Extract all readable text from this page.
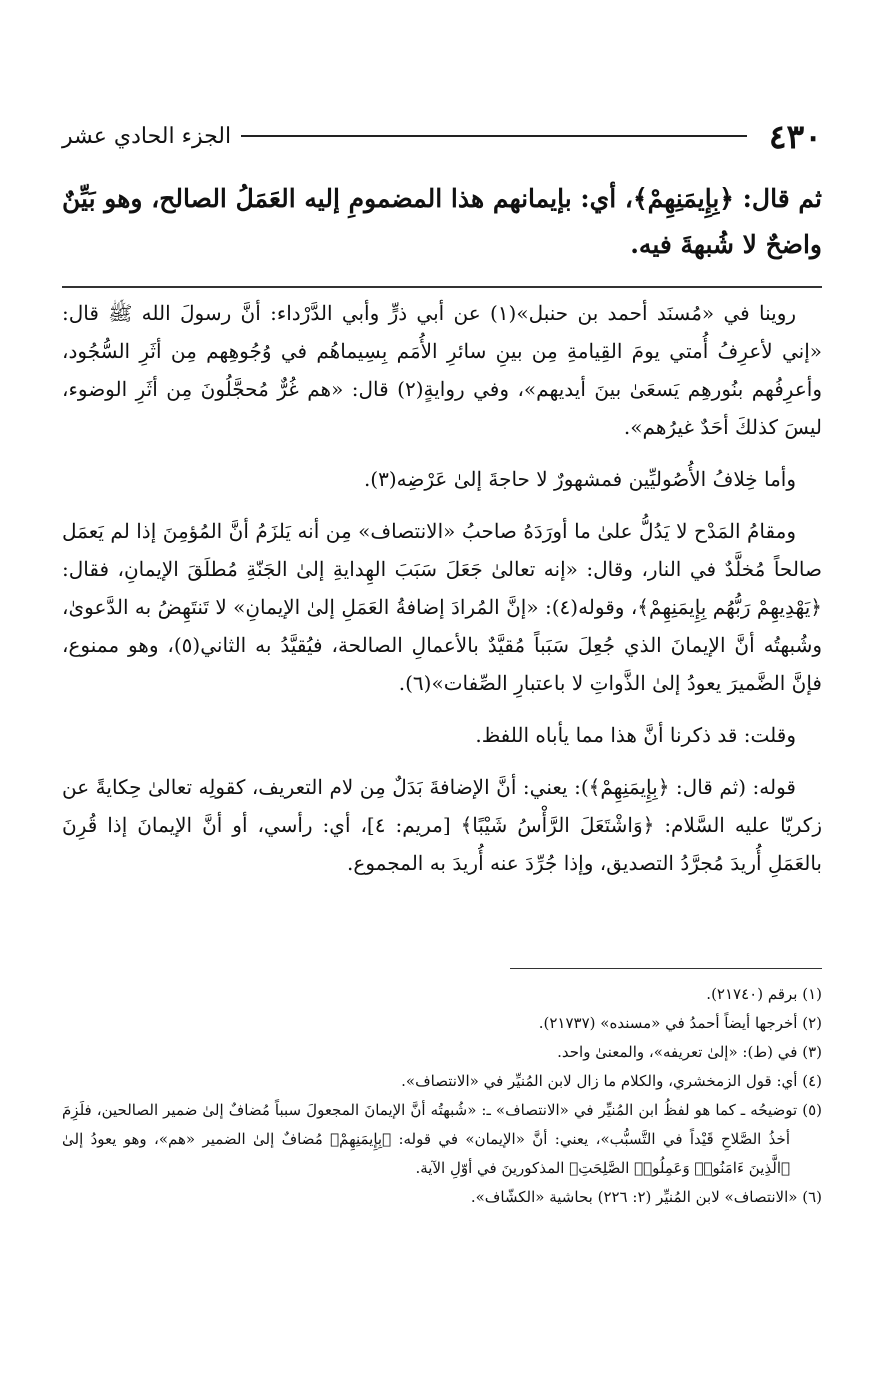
٤٣٠
الجزء الحادي عشر

ثم قال: ﴿بِإِيمَنِهِمْ﴾، أي: بإيمانهم هذا المضمومِ إليه العَمَلُ الصالح، وهو بَيِّنٌ واضحٌ لا شُبهةَ فيه.

روينا في «مُسنَد أحمد بن حنبل»(١) عن أبي ذرٍّ وأبي الدَّرْداء: أنَّ رسولَ الله ﷺ قال: «إني لأعرِفُ أُمتي يومَ القِيامةِ مِن بينِ سائرِ الأُمَم بِسِيماهُم في وُجُوهِهم مِن أثَرِ السُّجُود، وأعرِفُهم بنُورهِم يَسعَىٰ بينَ أيديهم»، وفي روايةٍ(٢) قال: «هم غُرٌّ مُحجَّلُونَ مِن أثَرِ الوضوء، ليسَ كذلكَ أحَدٌ غيرُهم».

وأما خِلافُ الأُصُوليِّين فمشهورٌ لا حاجةَ إلىٰ عَرْضِه(٣).

ومقامُ المَدْح لا يَدُلُّ علىٰ ما أورَدَهُ صاحبُ «الانتصاف» مِن أنه يَلزَمُ أنَّ المُؤمِنَ إذا لم يَعمَل صالحاً مُخلَّدٌ في النار، وقال: «إنه تعالىٰ جَعَلَ سَبَبَ الهِدايةِ إلىٰ الجَنّةِ مُطلَقَ الإيمانِ، فقال: ﴿يَهْدِيهِمْ رَبُّهُم بِإِيمَنِهِمْ﴾، وقوله(٤): «إنَّ المُرادَ إضافةُ العَمَلِ إلىٰ الإيمانِ» لا تَنتَهِضُ به الدَّعوىٰ، وشُبهتُه أنَّ الإيمانَ الذي جُعِلَ سَبَباً مُقيَّدٌ بالأعمالِ الصالحة، فيُقيَّدُ به الثاني(٥)، وهو ممنوع، فإنَّ الضَّميرَ يعودُ إلىٰ الذَّواتِ لا باعتبارِ الصِّفات»(٦).

وقلت: قد ذكرنا أنَّ هذا مما يأباه اللفظ.

قوله: (ثم قال: ﴿بِإِيمَنِهِمْ﴾): يعني: أنَّ الإضافةَ بَدَلٌ مِن لام التعريف، كقولِه تعالىٰ حِكايةً عن زكريّا عليه السَّلام: ﴿وَاشْتَعَلَ الرَّأْسُ شَيْبًا﴾ [مريم: ٤]، أي: رأسي، أو أنَّ الإيمانَ إذا قُرِنَ بالعَمَلِ أُريدَ مُجرَّدُ التصديق، وإذا جُرِّدَ عنه أُريدَ به المجموع.

(١) برقم (٢١٧٤٠).

(٢) أخرجها أيضاً أحمدُ في «مسنده» (٢١٧٣٧).

(٣) في (ط): «إلىٰ تعريفه»، والمعنىٰ واحد.

(٤) أي: قول الزمخشري، والكلام ما زال لابن المُنيِّر في «الانتصاف».

(٥) توضيحُه ـ كما هو لفظُ ابن المُنيِّر في «الانتصاف» ـ: «شُبهتُه أنَّ الإيمانَ المجعولَ سبباً مُضافٌ إلىٰ ضمير الصالحين، فلَزِمَ أخذُ الصَّلاحِ قَيْداً في التَّسبُّب»، يعني: أنَّ «الإيمان» في قوله: ﴿بِإِيمَنِهِمْ﴾ مُضافٌ إلىٰ الضمير «هم»، وهو يعودُ إلىٰ ﴿الَّذِينَ ءَامَنُوا۟ وَعَمِلُوا۟ الصَّلِحَتِ﴾ المذكورينَ في أوّلِ الآية.

(٦) «الانتصاف» لابن المُنيِّر (٢: ٢٢٦) بحاشية «الكشّاف».
